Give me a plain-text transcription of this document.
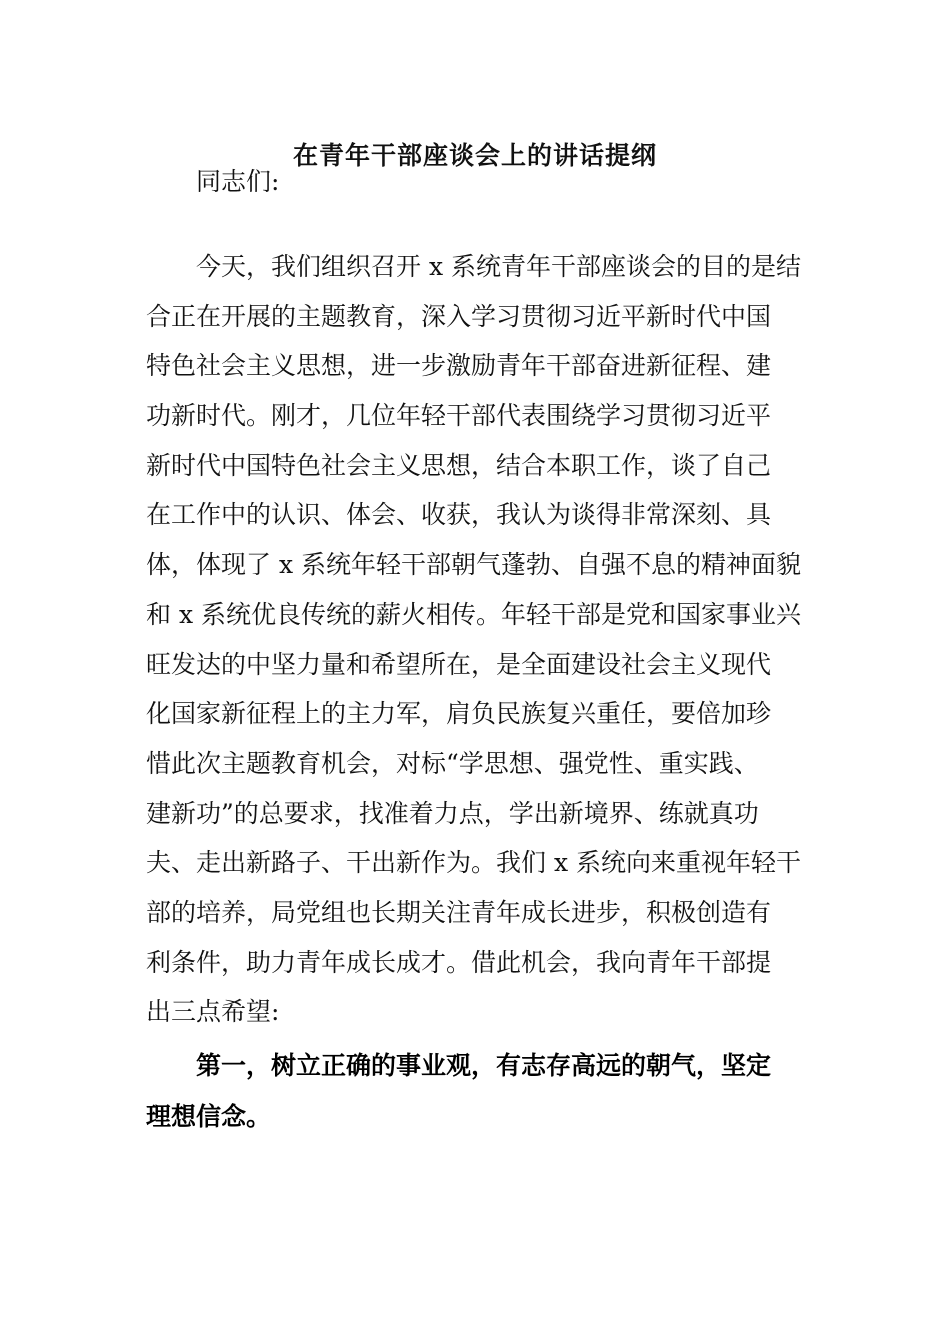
在青年干部座谈会上的讲话提纲

同志们:

　　今天，我们组织召开 x 系统青年干部座谈会的目的是结
合正在开展的主题教育，深入学习贯彻习近平新时代中国
特色社会主义思想，进一步激励青年干部奋进新征程、建
功新时代。刚才，几位年轻干部代表围绕学习贯彻习近平
新时代中国特色社会主义思想，结合本职工作，谈了自己
在工作中的认识、体会、收获，我认为谈得非常深刻、具
体，体现了 x 系统年轻干部朝气蓬勃、自强不息的精神面貌
和 x 系统优良传统的薪火相传。年轻干部是党和国家事业兴
旺发达的中坚力量和希望所在，是全面建设社会主义现代
化国家新征程上的主力军，肩负民族复兴重任，要倍加珍
惜此次主题教育机会，对标“学思想、强党性、重实践、
建新功”的总要求，找准着力点，学出新境界、练就真功
夫、走出新路子、干出新作为。我们 x 系统向来重视年轻干
部的培养，局党组也长期关注青年成长进步，积极创造有
利条件，助力青年成长成才。借此机会，我向青年干部提
出三点希望:
　　第一，树立正确的事业观，有志存高远的朝气，坚定
理想信念。
